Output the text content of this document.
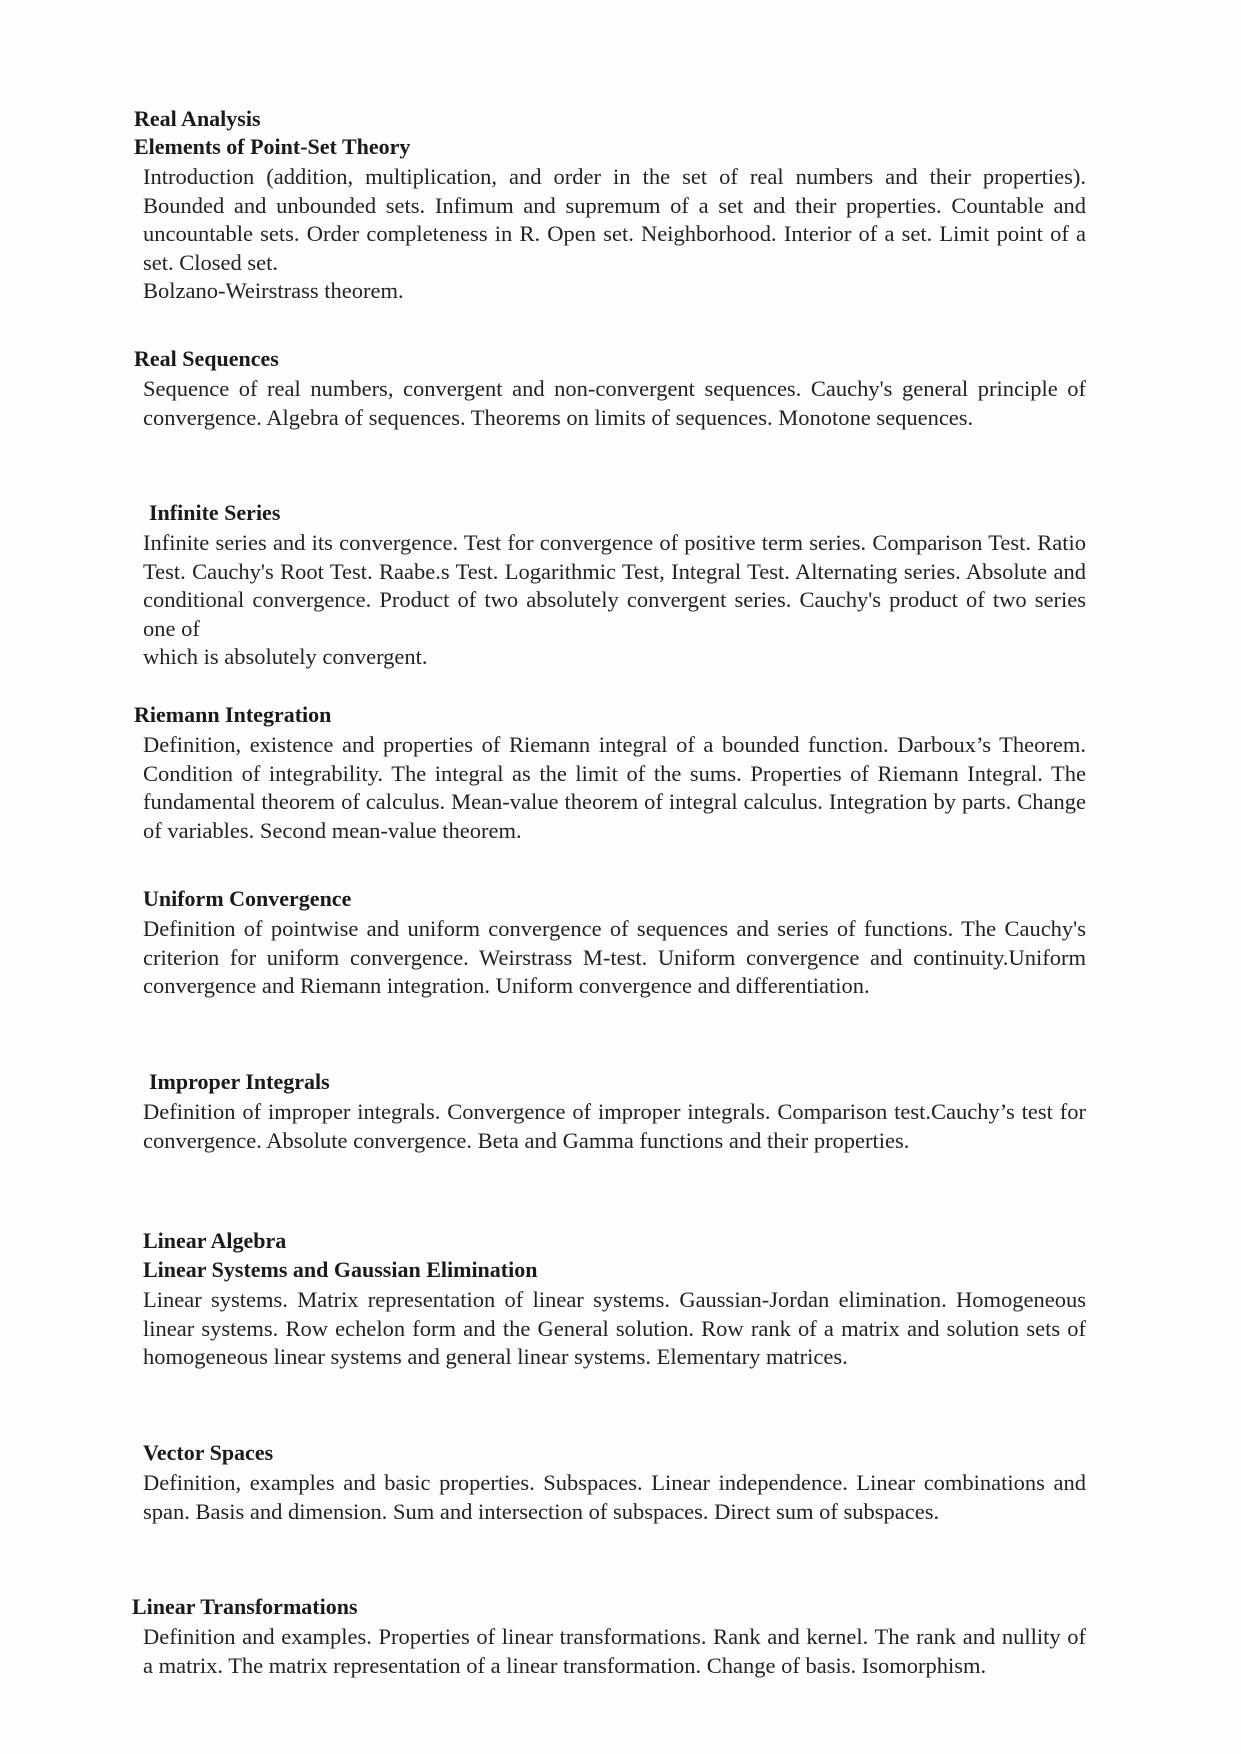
Real Analysis
Elements of Point-Set Theory

Introduction (addition, multiplication, and order in the set of real numbers and their properties). Bounded and unbounded sets. Infimum and supremum of a set and their properties. Countable and uncountable sets. Order completeness in R. Open set. Neighborhood. Interior of a set. Limit point of a set. Closed set.
Bolzano-Weirstrass theorem.

Real Sequences

Sequence of real numbers, convergent and non-convergent sequences. Cauchy's general principle of convergence. Algebra of sequences. Theorems on limits of sequences. Monotone sequences.

Infinite Series

Infinite series and its convergence. Test for convergence of positive term series. Comparison Test. Ratio Test. Cauchy's Root Test. Raabe.s Test. Logarithmic Test, Integral Test. Alternating series. Absolute and conditional convergence. Product of two absolutely convergent series. Cauchy's product of two series one of
which is absolutely convergent.

Riemann Integration

Definition, existence and properties of Riemann integral of a bounded function. Darboux’s Theorem. Condition of integrability. The integral as the limit of the sums. Properties of Riemann Integral. The fundamental theorem of calculus. Mean-value theorem of integral calculus. Integration by parts. Change of variables. Second mean-value theorem.

Uniform Convergence

Definition of pointwise and uniform convergence of sequences and series of functions. The Cauchy's criterion for uniform convergence. Weirstrass M-test. Uniform convergence and continuity.Uniform convergence and Riemann integration. Uniform convergence and differentiation.

Improper Integrals

Definition of improper integrals. Convergence of improper integrals. Comparison test.Cauchy’s test for convergence. Absolute convergence. Beta and Gamma functions and their properties.

Linear Algebra
Linear Systems and Gaussian Elimination

Linear systems. Matrix representation of linear systems. Gaussian-Jordan elimination. Homogeneous linear systems. Row echelon form and the General solution. Row rank of a matrix and solution sets of homogeneous linear systems and general linear systems. Elementary matrices.

Vector Spaces

Definition, examples and basic properties. Subspaces. Linear independence. Linear combinations and span. Basis and dimension. Sum and intersection of subspaces. Direct sum of subspaces.

Linear Transformations

Definition and examples. Properties of linear transformations. Rank and kernel. The rank and nullity of a matrix. The matrix representation of a linear transformation. Change of basis. Isomorphism.
